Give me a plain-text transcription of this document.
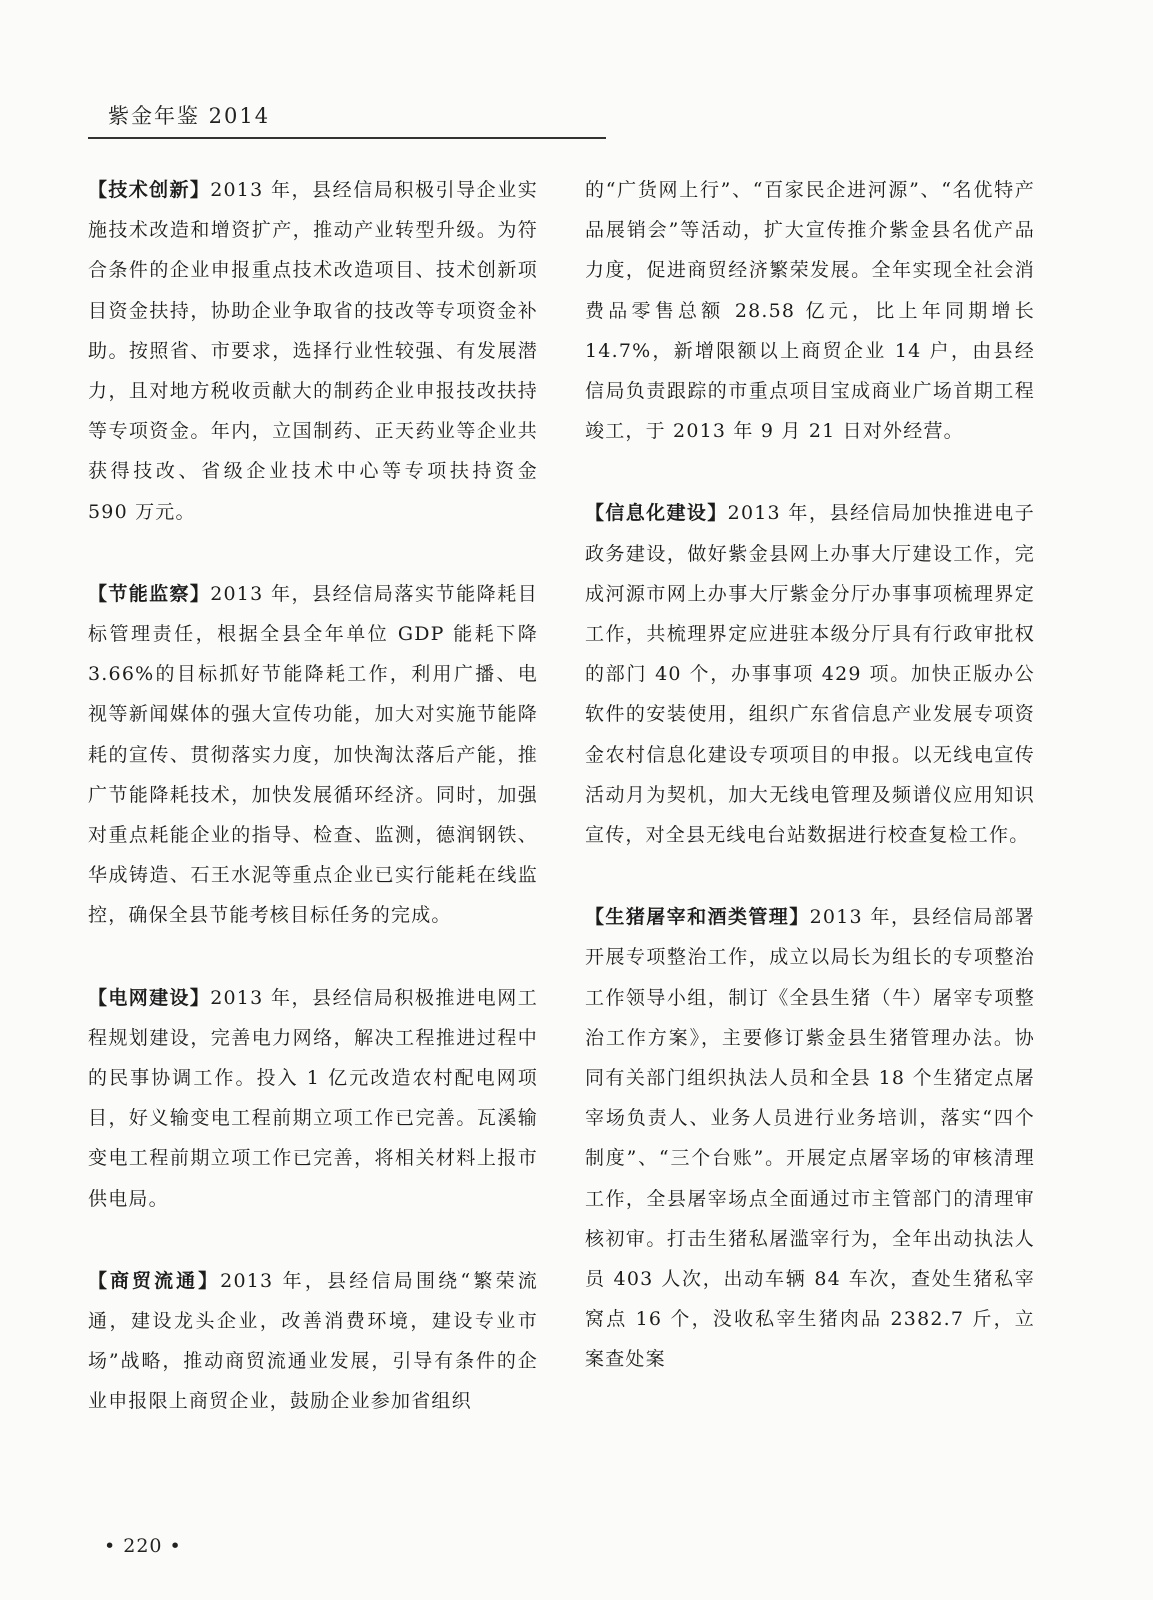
紫金年鉴 2014

【技术创新】2013 年，县经信局积极引导企业实施技术改造和增资扩产，推动产业转型升级。为符合条件的企业申报重点技术改造项目、技术创新项目资金扶持，协助企业争取省的技改等专项资金补助。按照省、市要求，选择行业性较强、有发展潜力，且对地方税收贡献大的制药企业申报技改扶持等专项资金。年内，立国制药、正天药业等企业共获得技改、省级企业技术中心等专项扶持资金 590 万元。

【节能监察】2013 年，县经信局落实节能降耗目标管理责任，根据全县全年单位 GDP 能耗下降 3.66%的目标抓好节能降耗工作，利用广播、电视等新闻媒体的强大宣传功能，加大对实施节能降耗的宣传、贯彻落实力度，加快淘汰落后产能，推广节能降耗技术，加快发展循环经济。同时，加强对重点耗能企业的指导、检查、监测，德润钢铁、华成铸造、石王水泥等重点企业已实行能耗在线监控，确保全县节能考核目标任务的完成。

【电网建设】2013 年，县经信局积极推进电网工程规划建设，完善电力网络，解决工程推进过程中的民事协调工作。投入 1 亿元改造农村配电网项目，好义输变电工程前期立项工作已完善。瓦溪输变电工程前期立项工作已完善，将相关材料上报市供电局。

【商贸流通】2013 年，县经信局围绕“繁荣流通，建设龙头企业，改善消费环境，建设专业市场”战略，推动商贸流通业发展，引导有条件的企业申报限上商贸企业，鼓励企业参加省组织

的“广货网上行”、“百家民企进河源”、“名优特产品展销会”等活动，扩大宣传推介紫金县名优产品力度，促进商贸经济繁荣发展。全年实现全社会消费品零售总额 28.58 亿元，比上年同期增长 14.7%，新增限额以上商贸企业 14 户，由县经信局负责跟踪的市重点项目宝成商业广场首期工程竣工，于 2013 年 9 月 21 日对外经营。

【信息化建设】2013 年，县经信局加快推进电子政务建设，做好紫金县网上办事大厅建设工作，完成河源市网上办事大厅紫金分厅办事事项梳理界定工作，共梳理界定应进驻本级分厅具有行政审批权的部门 40 个，办事事项 429 项。加快正版办公软件的安装使用，组织广东省信息产业发展专项资金农村信息化建设专项项目的申报。以无线电宣传活动月为契机，加大无线电管理及频谱仪应用知识宣传，对全县无线电台站数据进行校查复检工作。

【生猪屠宰和酒类管理】2013 年，县经信局部署开展专项整治工作，成立以局长为组长的专项整治工作领导小组，制订《全县生猪（牛）屠宰专项整治工作方案》，主要修订紫金县生猪管理办法。协同有关部门组织执法人员和全县 18 个生猪定点屠宰场负责人、业务人员进行业务培训，落实“四个制度”、“三个台账”。开展定点屠宰场的审核清理工作，全县屠宰场点全面通过市主管部门的清理审核初审。打击生猪私屠滥宰行为，全年出动执法人员 403 人次，出动车辆 84 车次，查处生猪私宰窝点 16 个，没收私宰生猪肉品 2382.7 斤，立案查处案

• 220 •
